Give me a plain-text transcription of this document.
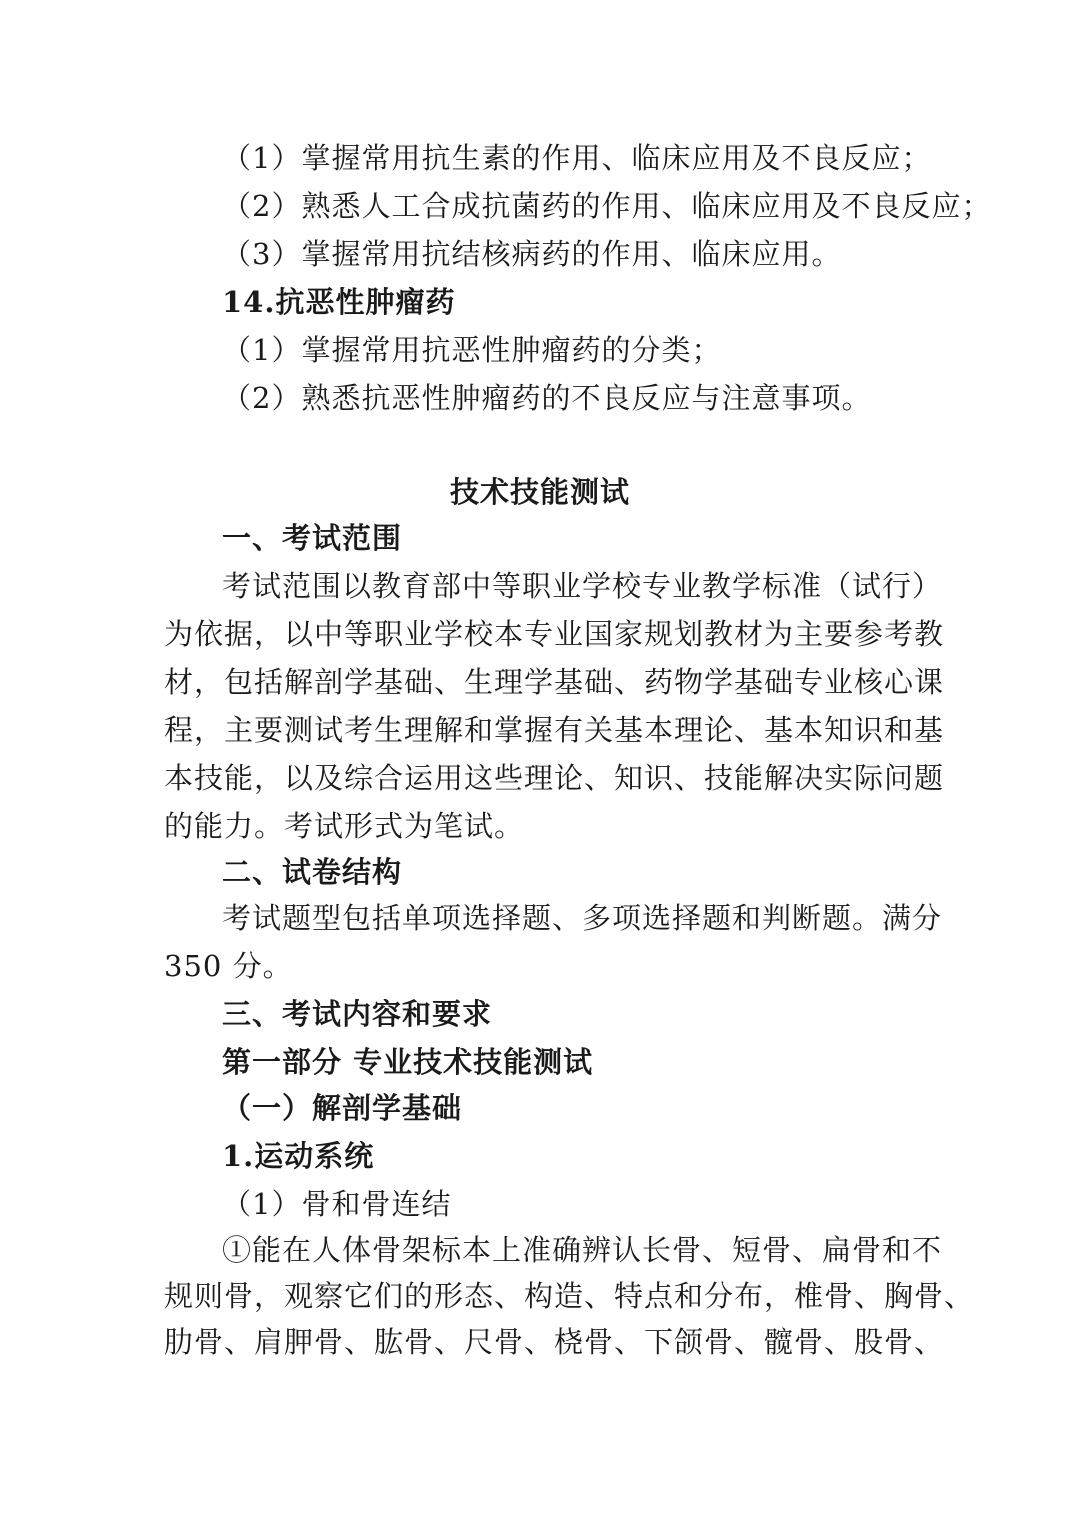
（1）掌握常用抗生素的作用、临床应用及不良反应；
（2）熟悉人工合成抗菌药的作用、临床应用及不良反应；
（3）掌握常用抗结核病药的作用、临床应用。
14.抗恶性肿瘤药
（1）掌握常用抗恶性肿瘤药的分类；
（2）熟悉抗恶性肿瘤药的不良反应与注意事项。
技术技能测试
一、考试范围
考试范围以教育部中等职业学校专业教学标准（试行）
为依据，以中等职业学校本专业国家规划教材为主要参考教
材，包括解剖学基础、生理学基础、药物学基础专业核心课
程，主要测试考生理解和掌握有关基本理论、基本知识和基
本技能，以及综合运用这些理论、知识、技能解决实际问题
的能力。考试形式为笔试。
二、试卷结构
考试题型包括单项选择题、多项选择题和判断题。满分
350 分。
三、考试内容和要求
第一部分 专业技术技能测试
（一）解剖学基础
1.运动系统
（1）骨和骨连结
①能在人体骨架标本上准确辨认长骨、短骨、扁骨和不
规则骨，观察它们的形态、构造、特点和分布，椎骨、胸骨、
肋骨、肩胛骨、肱骨、尺骨、桡骨、下颌骨、髋骨、股骨、
